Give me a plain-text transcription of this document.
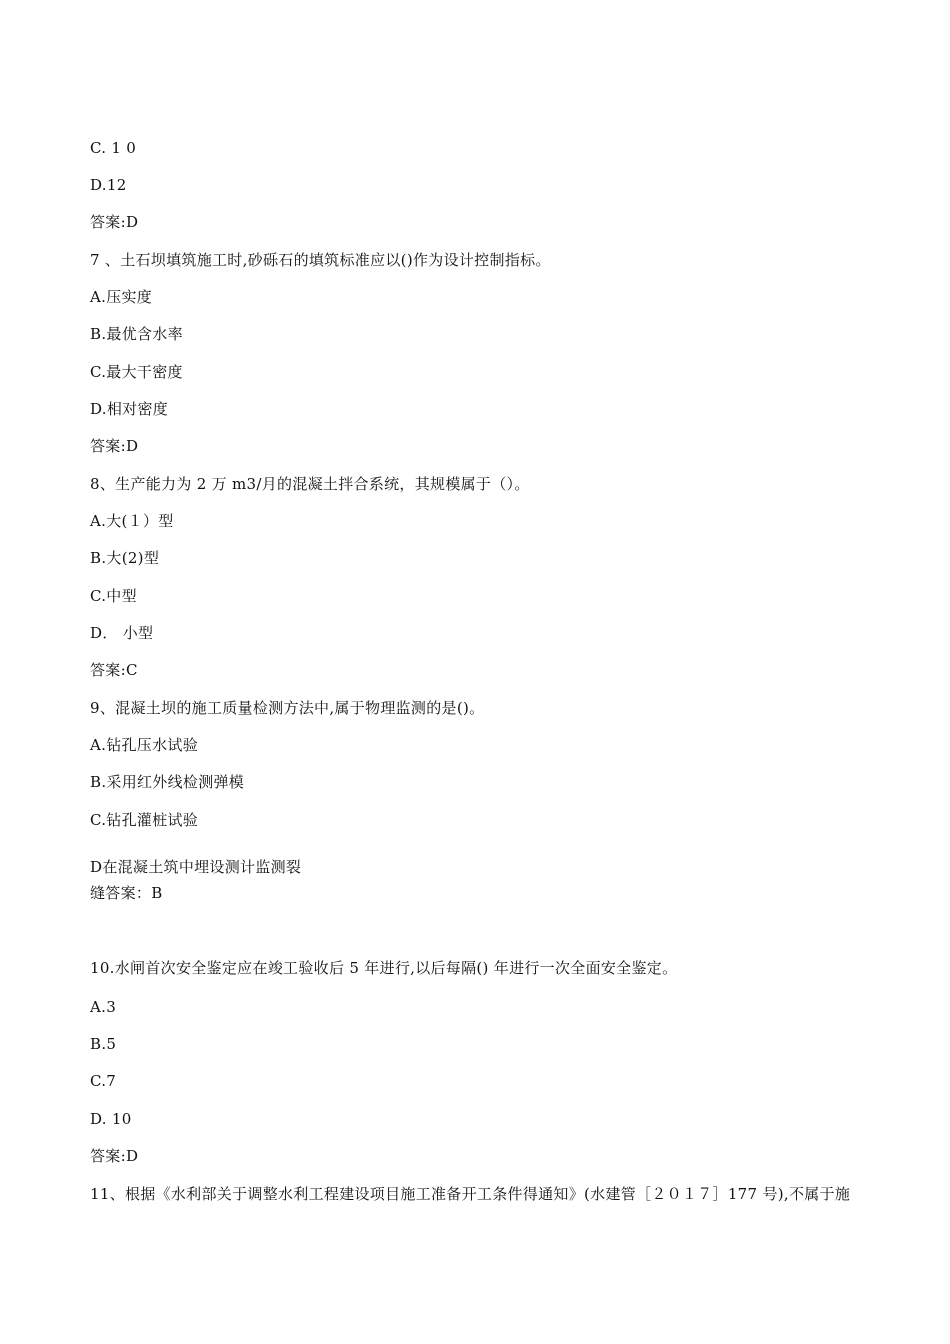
C. 1 0
D.12
答案:D
7 、土石坝填筑施工时,砂砾石的填筑标准应以()作为设计控制指标。
A.压实度
B.最优含水率
C.最大干密度
D.相对密度
答案:D
8、生产能力为 2 万 m3/月的混凝土拌合系统，其规模属于（）。
A.大(１）型
B.大(2)型
C.中型
D． 小型
答案:C
9、混凝土坝的施工质量检测方法中,属于物理监测的是()。
A.钻孔压水试验
B.采用红外线检测弹模
C.钻孔灌桩试验
D在混凝土筑中埋设测计监测裂
缝答案：B
10.水闸首次安全鉴定应在竣工验收后 5 年进行,以后每隔() 年进行一次全面安全鉴定。
A.3
B.5
C.7
D. 10
答案:D
11、根据《水利部关于调整水利工程建设项目施工准备开工条件得通知》(水建管［２０１７］177 号),不属于施
